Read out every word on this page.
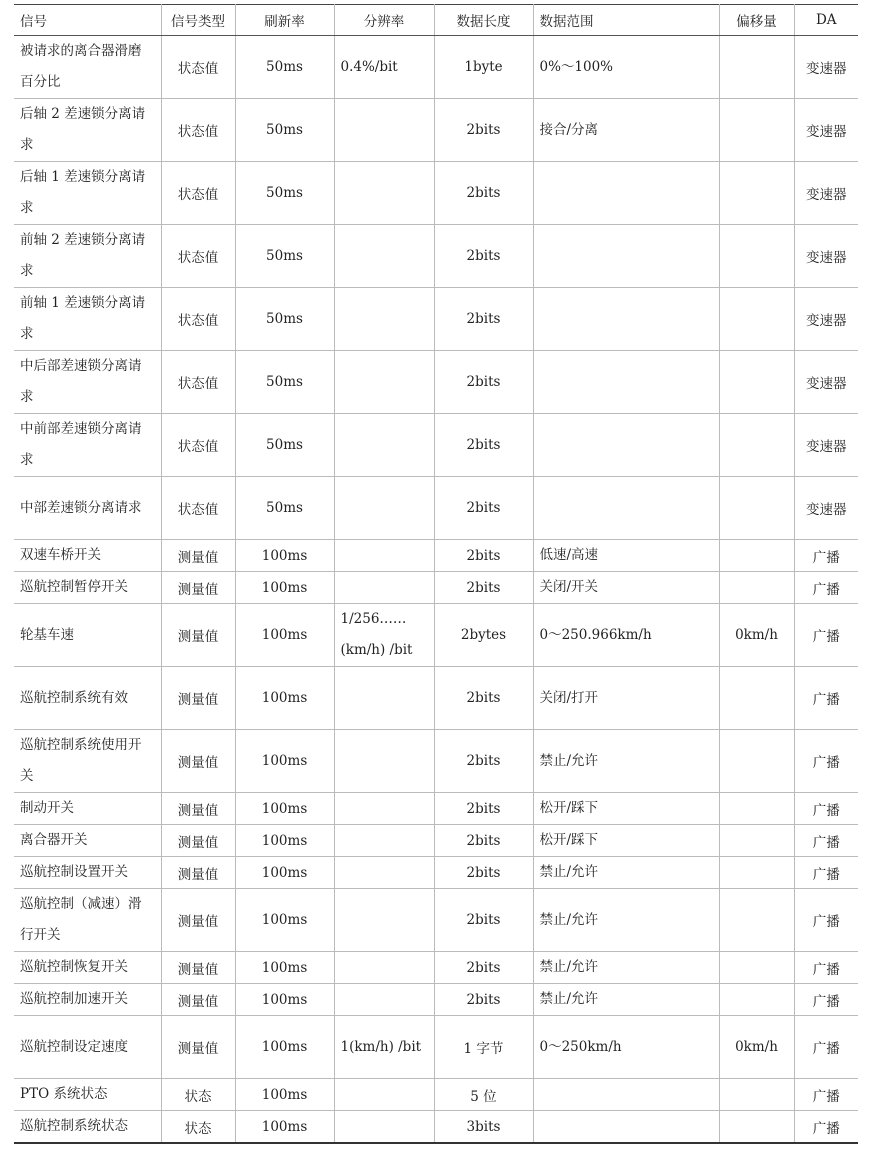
信号	信号类型	刷新率	分辨率	数据长度	数据范围	偏移量	DA
被请求的离合器滑磨百分比	状态值	50ms	0.4%/bit	1byte	0%～100%		变速器
后轴 2 差速锁分离请求	状态值	50ms		2bits	接合/分离		变速器
后轴 1 差速锁分离请求	状态值	50ms		2bits			变速器
前轴 2 差速锁分离请求	状态值	50ms		2bits			变速器
前轴 1 差速锁分离请求	状态值	50ms		2bits			变速器
中后部差速锁分离请求	状态值	50ms		2bits			变速器
中前部差速锁分离请求	状态值	50ms		2bits			变速器
中部差速锁分离请求	状态值	50ms		2bits			变速器
双速车桥开关	测量值	100ms		2bits	低速/高速		广播
巡航控制暂停开关	测量值	100ms		2bits	关闭/开关		广播
轮基车速	测量值	100ms	1/256……(km/h) /bit	2bytes	0～250.966km/h	0km/h	广播
巡航控制系统有效	测量值	100ms		2bits	关闭/打开		广播
巡航控制系统使用开关	测量值	100ms		2bits	禁止/允许		广播
制动开关	测量值	100ms		2bits	松开/踩下		广播
离合器开关	测量值	100ms		2bits	松开/踩下		广播
巡航控制设置开关	测量值	100ms		2bits	禁止/允许		广播
巡航控制（减速）滑行开关	测量值	100ms		2bits	禁止/允许		广播
巡航控制恢复开关	测量值	100ms		2bits	禁止/允许		广播
巡航控制加速开关	测量值	100ms		2bits	禁止/允许		广播
巡航控制设定速度	测量值	100ms	1(km/h) /bit	1 字节	0～250km/h	0km/h	广播
PTO 系统状态	状态	100ms		5 位			广播
巡航控制系统状态	状态	100ms		3bits			广播
